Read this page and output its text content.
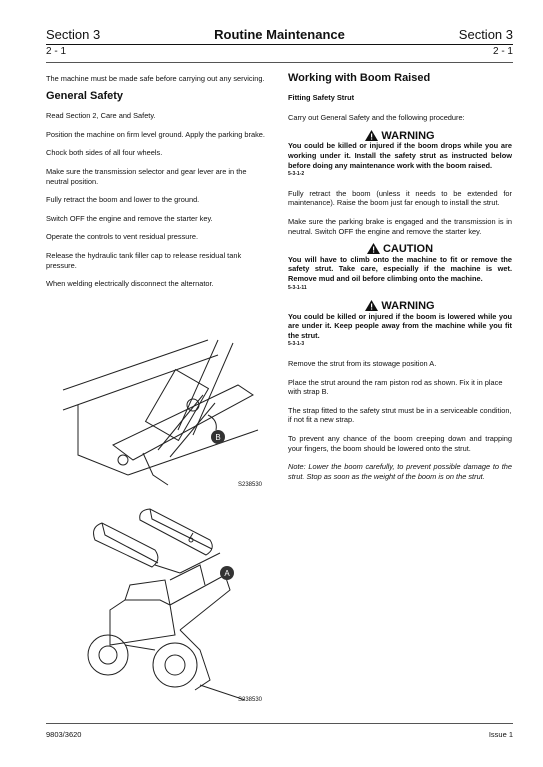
Section 3	Routine Maintenance	Section 3
2 - 1	2 - 1

The machine must be made safe before carrying out any servicing.

General Safety

Read Section 2, Care and Safety.

Position the machine on firm level ground. Apply the parking brake.

Chock both sides of all four wheels.

Make sure the transmission selector and gear lever are in the neutral position.

Fully retract the boom and lower to the ground.

Switch OFF the engine and remove the starter key.

Operate the controls to vent residual pressure.

Release the hydraulic tank filler cap to release residual tank pressure.

When welding electrically disconnect the alternator.

B
S238530
A
S238530

Working with Boom Raised

Fitting Safety Strut

Carry out General Safety and the following procedure:

WARNING

You could be killed or injured if the boom drops while you are working under it. Install the safety strut as instructed below before doing any maintenance work with the boom raised.

5-3-1-2

Fully retract the boom (unless it needs to be extended for maintenance). Raise the boom just far enough to install the strut.

Make sure the parking brake is engaged and the transmission is in neutral. Switch OFF the engine and remove the starter key.

CAUTION

You will have to climb onto the machine to fit or remove the safety strut. Take care, especially if the machine is wet. Remove mud and oil before climbing onto the machine.

5-3-1-11

WARNING

You could be killed or injured if the boom is lowered while you are under it. Keep people away from the machine while you fit the strut.

5-3-1-3

Remove the strut from its stowage position A.

Place the strut around the ram piston rod as shown. Fix it in place with strap B.

The strap fitted to the safety strut must be in a serviceable condition, if not fit a new strap.

To prevent any chance of the boom creeping down and trapping your fingers, the boom should be lowered onto the strut.

Note: Lower the boom carefully, to prevent possible damage to the strut. Stop as soon as the weight of the boom is on the strut.

9803/3620	Issue 1
